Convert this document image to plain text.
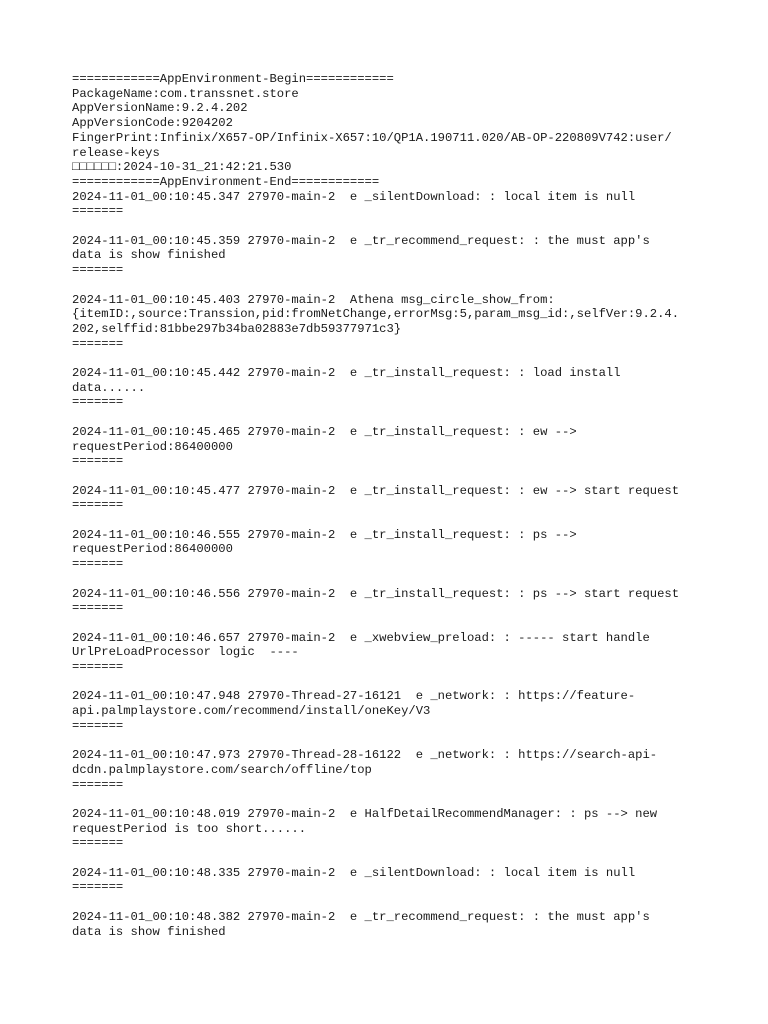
============AppEnvironment-Begin============
PackageName:com.transsnet.store
AppVersionName:9.2.4.202
AppVersionCode:9204202
FingerPrint:Infinix/X657-OP/Infinix-X657:10/QP1A.190711.020/AB-OP-220809V742:user/
release-keys
□□□□□□:2024-10-31_21:42:21.530
============AppEnvironment-End============
2024-11-01_00:10:45.347 27970-main-2  e _silentDownload: : local item is null
=======
2024-11-01_00:10:45.359 27970-main-2  e _tr_recommend_request: : the must app's
data is show finished
=======
2024-11-01_00:10:45.403 27970-main-2  Athena msg_circle_show_from:
{itemID:,source:Transsion,pid:fromNetChange,errorMsg:5,param_msg_id:,selfVer:9.2.4.
202,selffid:81bbe297b34ba02883e7db59377971c3}
=======
2024-11-01_00:10:45.442 27970-main-2  e _tr_install_request: : load install
data......
=======
2024-11-01_00:10:45.465 27970-main-2  e _tr_install_request: : ew -->
requestPeriod:86400000
=======
2024-11-01_00:10:45.477 27970-main-2  e _tr_install_request: : ew --> start request
=======
2024-11-01_00:10:46.555 27970-main-2  e _tr_install_request: : ps -->
requestPeriod:86400000
=======
2024-11-01_00:10:46.556 27970-main-2  e _tr_install_request: : ps --> start request
=======
2024-11-01_00:10:46.657 27970-main-2  e _xwebview_preload: : ----- start handle
UrlPreLoadProcessor logic  ----
=======
2024-11-01_00:10:47.948 27970-Thread-27-16121  e _network: : https://feature-
api.palmplaystore.com/recommend/install/oneKey/V3
=======
2024-11-01_00:10:47.973 27970-Thread-28-16122  e _network: : https://search-api-
dcdn.palmplaystore.com/search/offline/top
=======
2024-11-01_00:10:48.019 27970-main-2  e HalfDetailRecommendManager: : ps --> new
requestPeriod is too short......
=======
2024-11-01_00:10:48.335 27970-main-2  e _silentDownload: : local item is null
=======
2024-11-01_00:10:48.382 27970-main-2  e _tr_recommend_request: : the must app's
data is show finished
